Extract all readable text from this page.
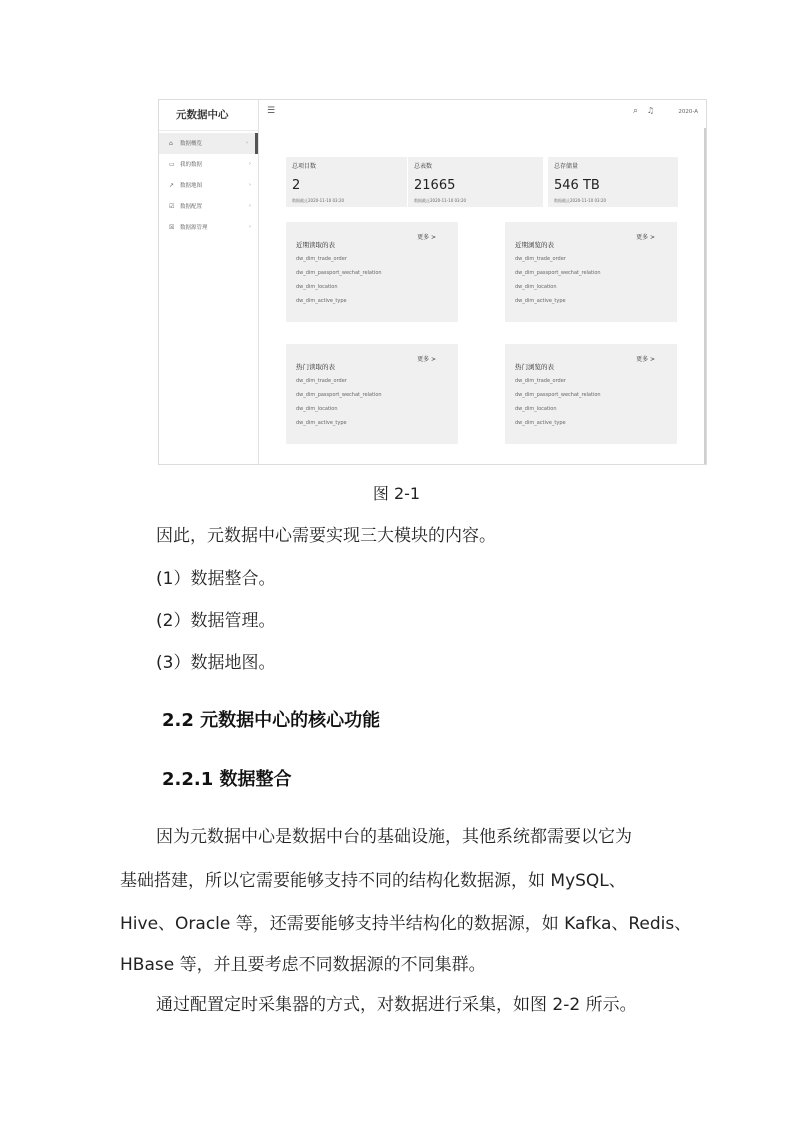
元数据中心
⌂ 数据概览	›
▭ 我的数据	›
↗ 数据地图	›
☑ 数据配置	›
☒ 数据源管理	›
☰	⌕ ♫	2020-A
总项目数
2
数据截止2020-11-10 03:20
总表数
21665
数据截止2020-11-10 03:20
总存储量
546 TB
数据截止2020-11-10 03:20
近期读取的表
更多 >
dw_dim_trade_order
dw_dim_passport_wechat_relation
dw_dim_location
dw_dim_active_type
近期浏览的表
更多 >
dw_dim_trade_order
dw_dim_passport_wechat_relation
dw_dim_location
dw_dim_active_type
热门读取的表
更多 >
dw_dim_trade_order
dw_dim_passport_wechat_relation
dw_dim_location
dw_dim_active_type
热门浏览的表
更多 >
dw_dim_trade_order
dw_dim_passport_wechat_relation
dw_dim_location
dw_dim_active_type
图 2-1
因此，元数据中心需要实现三大模块的内容。
(1）数据整合。
(2）数据管理。
(3）数据地图。
2.2 元数据中心的核心功能
2.2.1 数据整合
因为元数据中心是数据中台的基础设施，其他系统都需要以它为
基础搭建，所以它需要能够支持不同的结构化数据源，如 MySQL、
Hive、Oracle 等，还需要能够支持半结构化的数据源，如 Kafka、Redis、
HBase 等，并且要考虑不同数据源的不同集群。
通过配置定时采集器的方式，对数据进行采集，如图 2-2 所示。
